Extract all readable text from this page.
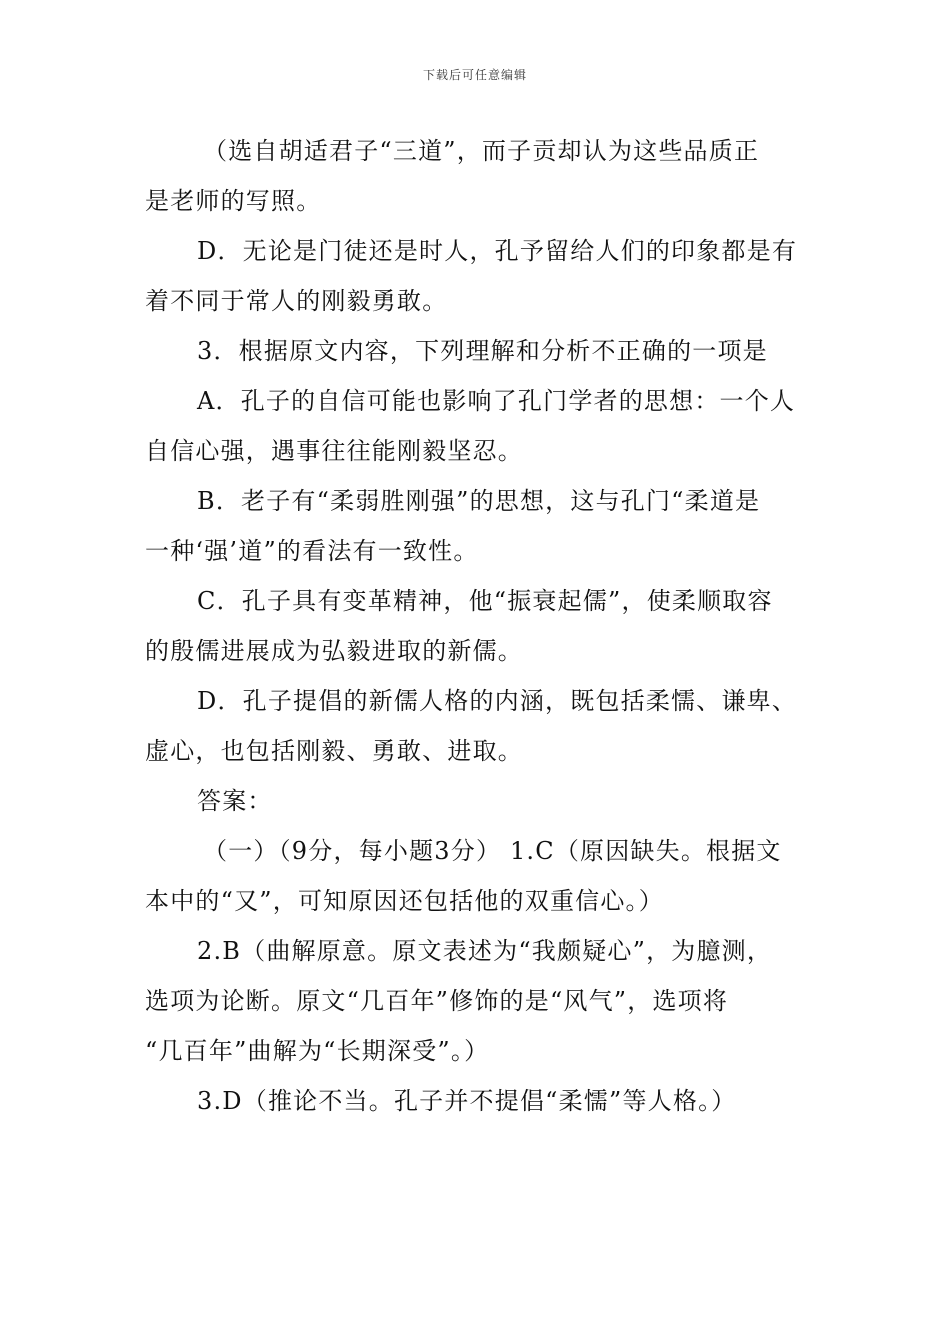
下载后可任意编辑
（选自胡适君子“三道”，而子贡却认为这些品质正
是老师的写照。
D．无论是门徒还是时人，孔予留给人们的印象都是有
着不同于常人的刚毅勇敢。
3．根据原文内容，下列理解和分析不正确的一项是
A．孔子的自信可能也影响了孔门学者的思想：一个人
自信心强，遇事往往能刚毅坚忍。
B．老子有“柔弱胜刚强”的思想，这与孔门“柔道是
一种‘强’道”的看法有一致性。
C．孔子具有变革精神，他“振衰起儒”，使柔顺取容
的殷儒进展成为弘毅进取的新儒。
D．孔子提倡的新儒人格的内涵，既包括柔懦、谦卑、
虚心，也包括刚毅、勇敢、进取。
答案：
（一）（9分，每小题3分） 1.C（原因缺失。根据文
本中的“又”，可知原因还包括他的双重信心。）
2.B（曲解原意。原文表述为“我颇疑心”，为臆测，
选项为论断。原文“几百年”修饰的是“风气”，选项将
“几百年”曲解为“长期深受”。）
3.D（推论不当。孔子并不提倡“柔懦”等人格。）
